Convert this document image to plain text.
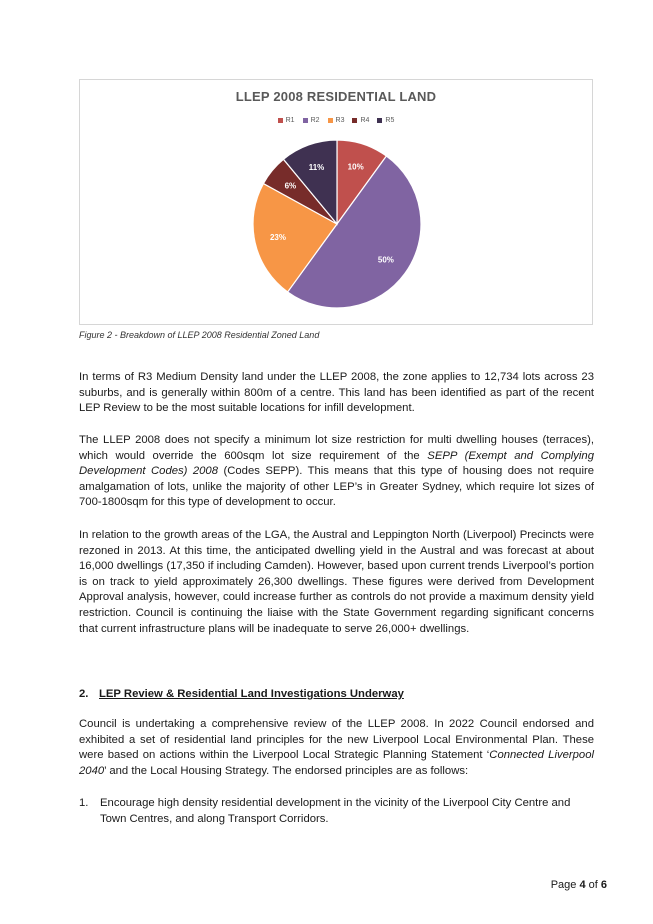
LLEP 2008 RESIDENTIAL LAND
R1 R2 R3 R4 R5
10%
50%
23%
6%
11%
Figure 2 - Breakdown of LLEP 2008 Residential Zoned Land

In terms of R3 Medium Density land under the LLEP 2008, the zone applies to 12,734 lots across 23 suburbs, and is generally within 800m of a centre. This land has been identified as part of the recent LEP Review to be the most suitable locations for infill development.

The LLEP 2008 does not specify a minimum lot size restriction for multi dwelling houses (terraces), which would override the 600sqm lot size requirement of the SEPP (Exempt and Complying Development Codes) 2008 (Codes SEPP). This means that this type of housing does not require amalgamation of lots, unlike the majority of other LEP’s in Greater Sydney, which require lot sizes of 700-1800sqm for this type of development to occur.

In relation to the growth areas of the LGA, the Austral and Leppington North (Liverpool) Precincts were rezoned in 2013. At this time, the anticipated dwelling yield in the Austral and was forecast at about 16,000 dwellings (17,350 if including Camden). However, based upon current trends Liverpool’s portion is on track to yield approximately 26,300 dwellings. These figures were derived from Development Approval analysis, however, could increase further as controls do not provide a maximum density yield restriction. Council is continuing the liaise with the State Government regarding significant concerns that current infrastructure plans will be inadequate to serve 26,000+ dwellings.

2. LEP Review & Residential Land Investigations Underway

Council is undertaking a comprehensive review of the LLEP 2008. In 2022 Council endorsed and exhibited a set of residential land principles for the new Liverpool Local Environmental Plan. These were based on actions within the Liverpool Local Strategic Planning Statement ‘Connected Liverpool 2040’ and the Local Housing Strategy. The endorsed principles are as follows:

1.	Encourage high density residential development in the vicinity of the Liverpool City Centre and Town Centres, and along Transport Corridors.

Page 4 of 6
